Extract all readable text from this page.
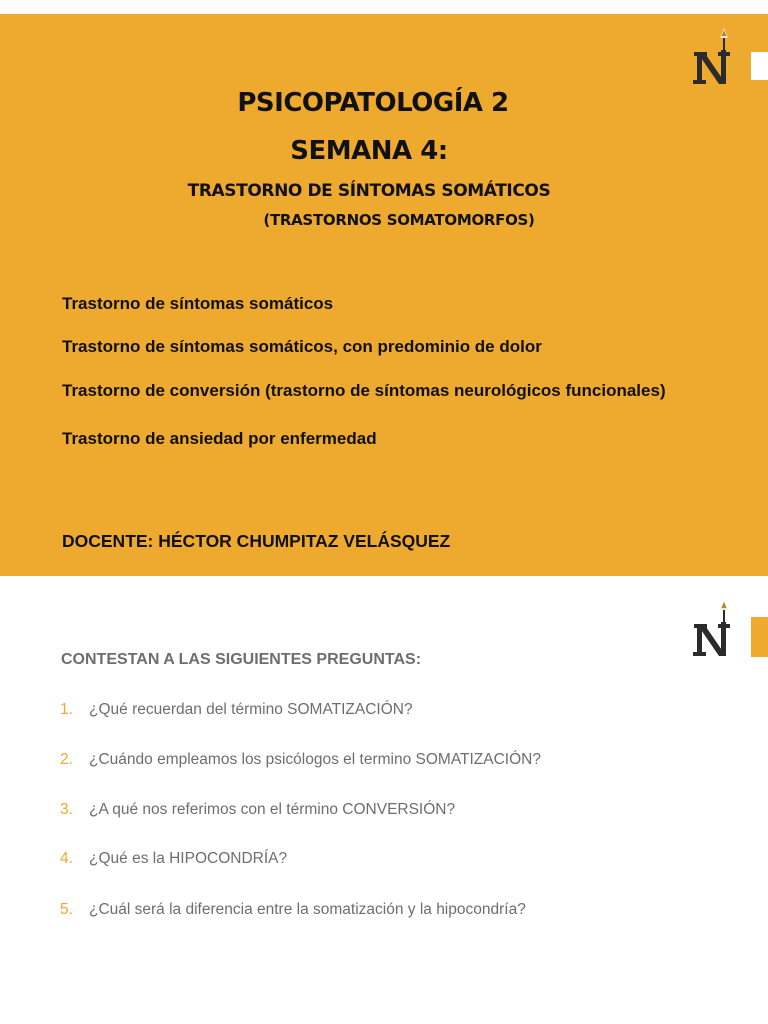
PSICOPATOLOGÍA 2
SEMANA 4:
TRASTORNO DE SÍNTOMAS SOMÁTICOS
(TRASTORNOS SOMATOMORFOS)
Trastorno de síntomas somáticos
Trastorno de síntomas somáticos, con predominio de dolor
Trastorno de conversión (trastorno de síntomas neurológicos funcionales)
Trastorno de ansiedad por enfermedad
DOCENTE: HÉCTOR CHUMPITAZ VELÁSQUEZ
CONTESTAN A LAS SIGUIENTES PREGUNTAS:
1. ¿Qué recuerdan del término SOMATIZACIÓN?
2. ¿Cuándo empleamos los psicólogos el termino SOMATIZACIÓN?
3. ¿A qué nos referimos con el término CONVERSIÓN?
4. ¿Qué es la HIPOCONDRÍA?
5. ¿Cuál será la diferencia entre la somatización y la hipocondría?
